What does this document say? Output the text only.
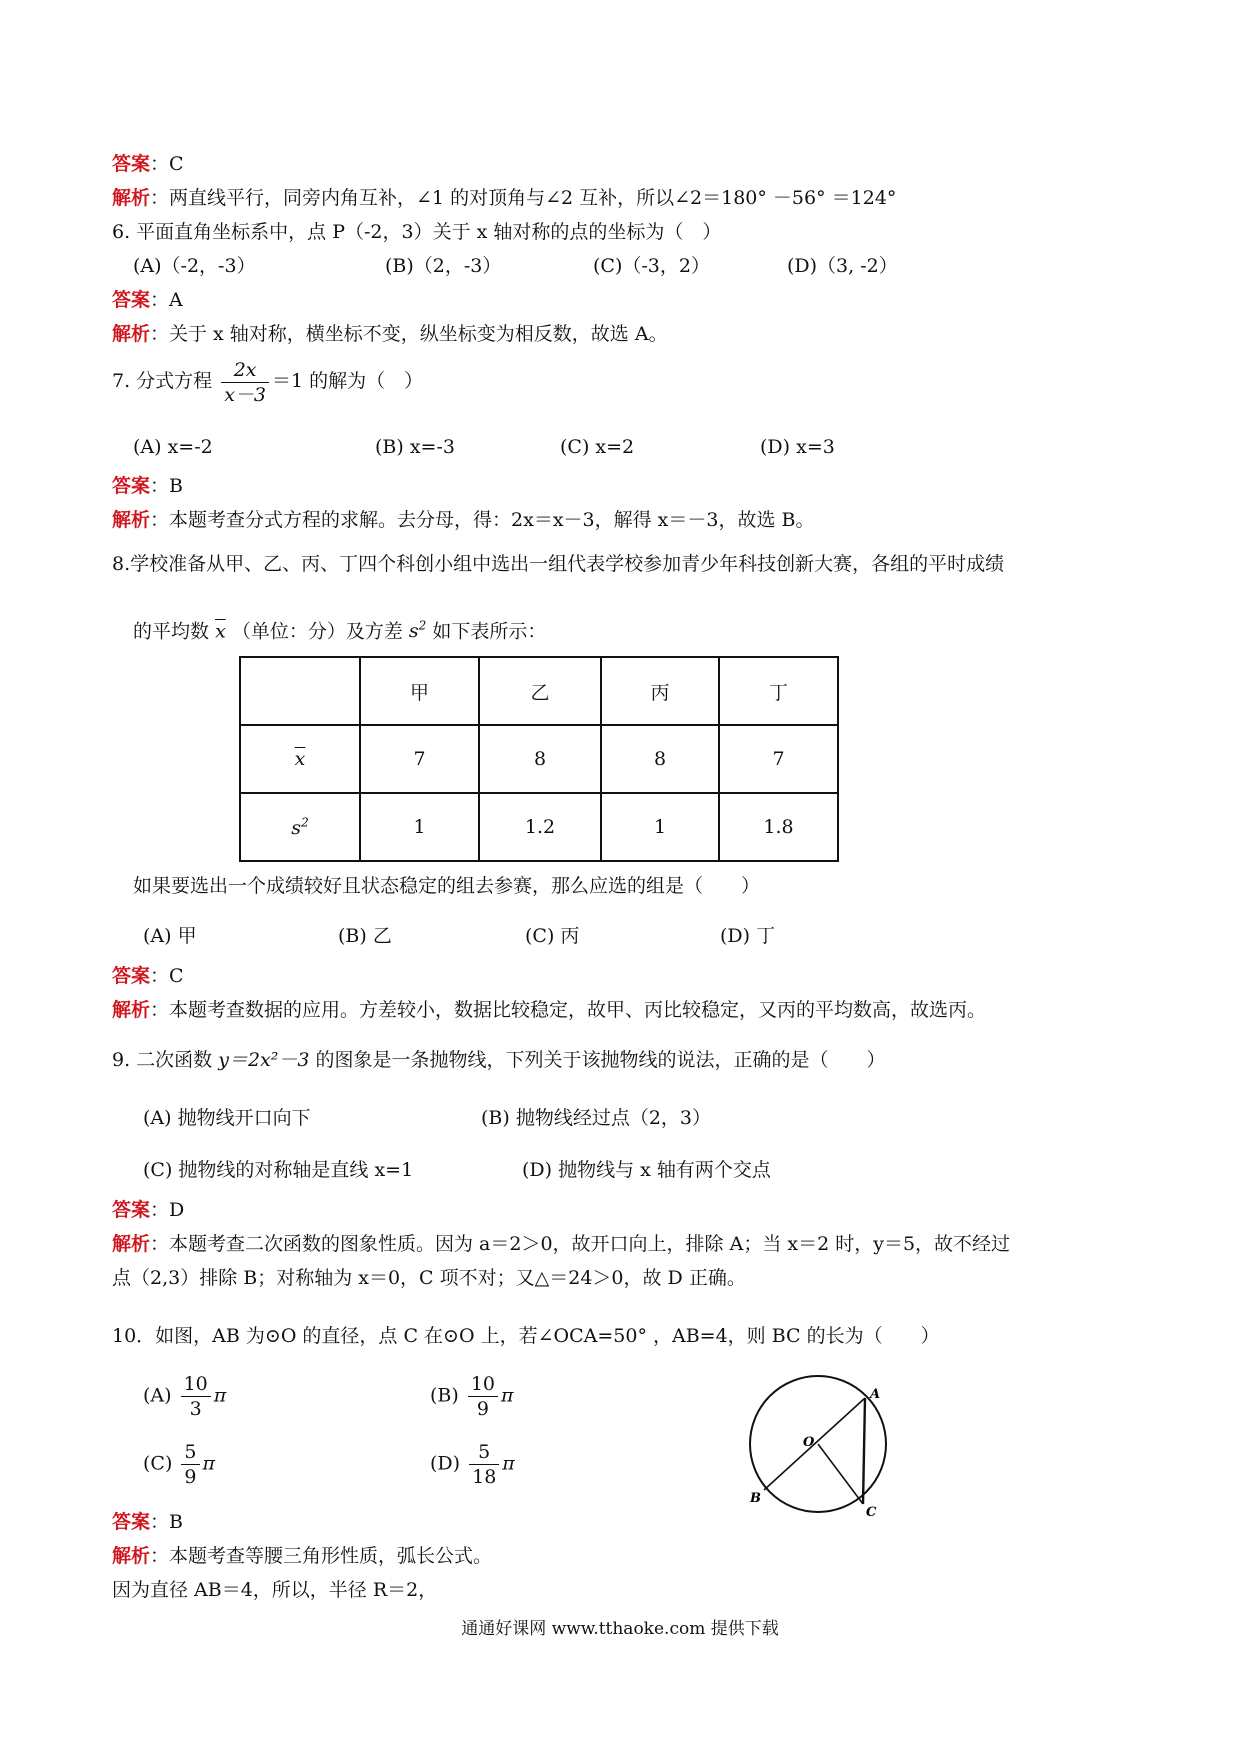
答案：C
解析：两直线平行，同旁内角互补，∠1 的对顶角与∠2 互补，所以∠2＝180° －56° ＝124°
6. 平面直角坐标系中，点 P（-2，3）关于 x 轴对称的点的坐标为（　）
(A)（-2，-3）	(B)（2，-3）	(C)（-3，2）	(D)（3, -2）
答案：A
解析：关于 x 轴对称，横坐标不变，纵坐标变为相反数，故选 A。
7. 分式方程 $\frac{2x}{x-3} =1$ 的解为（　）
(A) x=-2	(B) x=-3	(C) x=2	(D) x=3
答案：B
解析：本题考查分式方程的求解。去分母，得：2x＝x－3，解得 x＝－3，故选 B。
8.学校准备从甲、乙、丙、丁四个科创小组中选出一组代表学校参加青少年科技创新大赛，各组的平时成绩
的平均数 $\overline{x}$ （单位：分）及方差 $s^2$ 如下表所示：
	甲	乙	丙	丁
$\overline{x}$	7	8	8	7
$s^2$	1	1.2	1	1.8
如果要选出一个成绩较好且状态稳定的组去参赛，那么应选的组是（　　）
(A) 甲	(B) 乙	(C) 丙	(D) 丁
答案：C
解析：本题考查数据的应用。方差较小，数据比较稳定，故甲、丙比较稳定，又丙的平均数高，故选丙。
9. 二次函数 y＝2x²－3 的图象是一条抛物线，下列关于该抛物线的说法，正确的是（　　）
(A) 抛物线开口向下	(B) 抛物线经过点（2，3）
(C) 抛物线的对称轴是直线 x=1	(D) 抛物线与 x 轴有两个交点
答案：D
解析：本题考查二次函数的图象性质。因为 a＝2＞0，故开口向上，排除 A；当 x＝2 时，y＝5，故不经过
点（2,3）排除 B；对称轴为 x＝0，C 项不对；又△＝24＞0，故 D 正确。
10．如图，AB 为⊙O 的直径，点 C 在⊙O 上，若∠OCA=50° ，AB=4，则 BC 的长为（　　）
$(A) \frac{10}{3}$ π	$(B) \frac{10}{9}$ π
$(C) \frac{5}{9}$ π	$(D) \frac{5}{18}$ π
A
O
B
C
答案：B
解析：本题考查等腰三角形性质，弧长公式。
因为直径 AB＝4，所以，半径 R＝2，
通通好课网 www.tthaoke.com 提供下载
